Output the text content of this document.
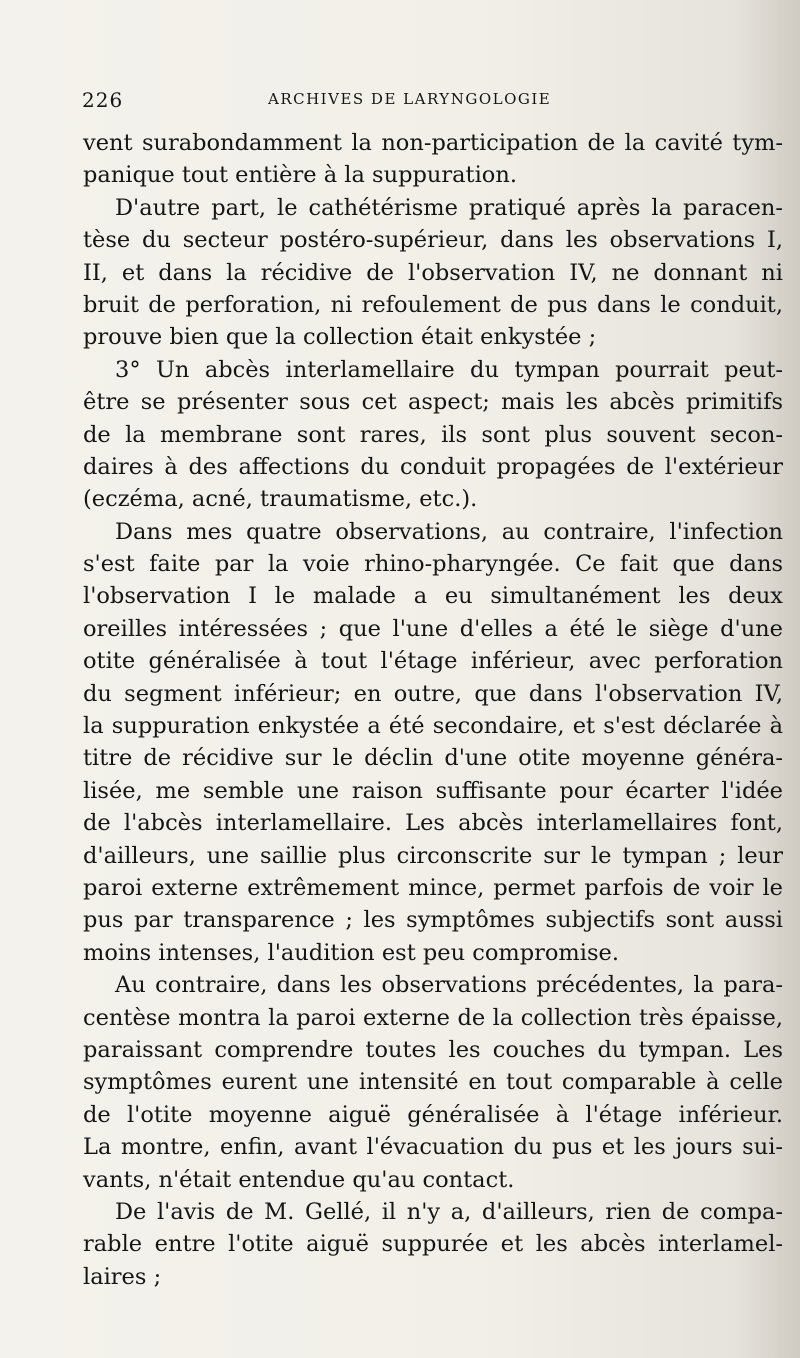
226	ARCHIVES DE LARYNGOLOGIE
vent surabondamment la non-participation de la cavité tym-
panique tout entière à la suppuration.
D'autre part, le cathétérisme pratiqué après la paracen-
tèse du secteur postéro-supérieur, dans les observations I,
II, et dans la récidive de l'observation IV, ne donnant ni
bruit de perforation, ni refoulement de pus dans le conduit,
prouve bien que la collection était enkystée ;
3° Un abcès interlamellaire du tympan pourrait peut-
être se présenter sous cet aspect; mais les abcès primitifs
de la membrane sont rares, ils sont plus souvent secon-
daires à des affections du conduit propagées de l'extérieur
(eczéma, acné, traumatisme, etc.).
Dans mes quatre observations, au contraire, l'infection
s'est faite par la voie rhino-pharyngée. Ce fait que dans
l'observation I le malade a eu simultanément les deux
oreilles intéressées ; que l'une d'elles a été le siège d'une
otite généralisée à tout l'étage inférieur, avec perforation
du segment inférieur; en outre, que dans l'observation IV,
la suppuration enkystée a été secondaire, et s'est déclarée à
titre de récidive sur le déclin d'une otite moyenne généra-
lisée, me semble une raison suffisante pour écarter l'idée
de l'abcès interlamellaire. Les abcès interlamellaires font,
d'ailleurs, une saillie plus circonscrite sur le tympan ; leur
paroi externe extrêmement mince, permet parfois de voir le
pus par transparence ; les symptômes subjectifs sont aussi
moins intenses, l'audition est peu compromise.
Au contraire, dans les observations précédentes, la para-
centèse montra la paroi externe de la collection très épaisse,
paraissant comprendre toutes les couches du tympan. Les
symptômes eurent une intensité en tout comparable à celle
de l'otite moyenne aiguë généralisée à l'étage inférieur.
La montre, enfin, avant l'évacuation du pus et les jours sui-
vants, n'était entendue qu'au contact.
De l'avis de M. Gellé, il n'y a, d'ailleurs, rien de compa-
rable entre l'otite aiguë suppurée et les abcès interlamel-
laires ;
